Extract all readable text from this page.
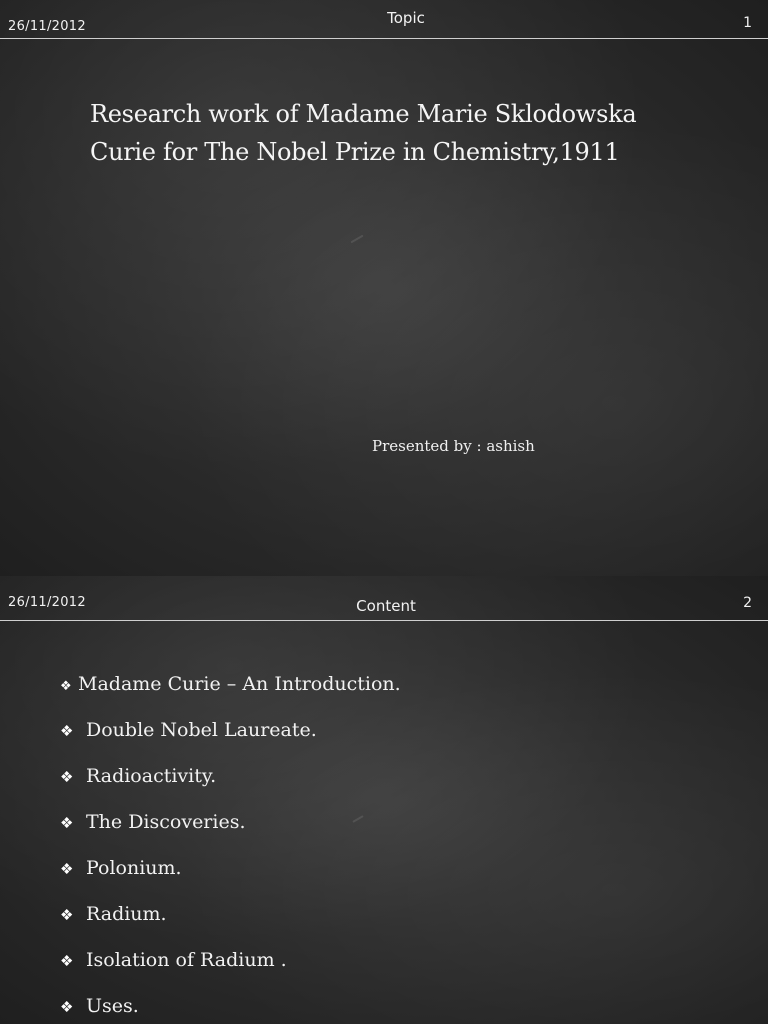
26/11/2012	Topic	1
Research work of Madame Marie Sklodowska
Curie for The Nobel Prize in Chemistry,1911
Presented by : ashish
26/11/2012	Content	2
❖ Madame Curie – An Introduction.
❖ Double Nobel Laureate.
❖ Radioactivity.
❖ The Discoveries.
❖ Polonium.
❖ Radium.
❖ Isolation of Radium .
❖ Uses.
